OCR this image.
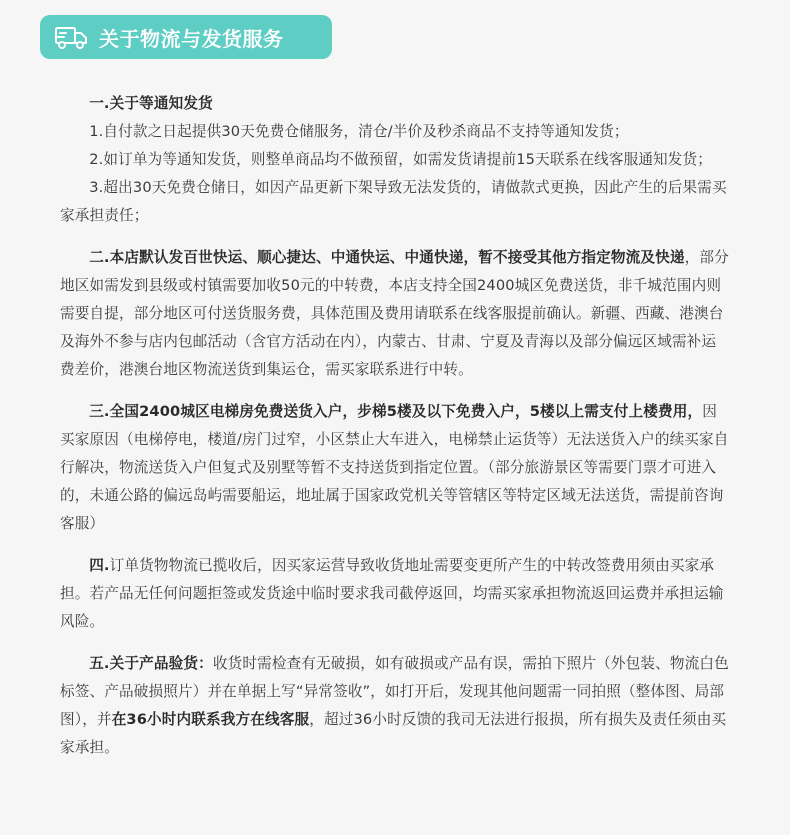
关于物流与发货服务

一.关于等通知发货

1.自付款之日起提供30天免费仓储服务，清仓/半价及秒杀商品不支持等通知发货；

2.如订单为等通知发货，则整单商品均不做预留，如需发货请提前15天联系在线客服通知发货；

3.超出30天免费仓储日，如因产品更新下架导致无法发货的，请做款式更换，因此产生的后果需买家承担责任；

二.本店默认发百世快运、顺心捷达、中通快运、中通快递，暂不接受其他方指定物流及快递，部分地区如需发到县级或村镇需要加收50元的中转费，本店支持全国2400城区免费送货，非千城范围内则需要自提，部分地区可付送货服务费，具体范围及费用请联系在线客服提前确认。新疆、西藏、港澳台及海外不参与店内包邮活动（含官方活动在内），内蒙古、甘肃、宁夏及青海以及部分偏远区域需补运费差价，港澳台地区物流送货到集运仓，需买家联系进行中转。

三.全国2400城区电梯房免费送货入户，步梯5楼及以下免费入户，5楼以上需支付上楼费用，因买家原因（电梯停电，楼道/房门过窄，小区禁止大车进入，电梯禁止运货等）无法送货入户的续买家自行解决，物流送货入户但复式及别墅等暂不支持送货到指定位置。（部分旅游景区等需要门票才可进入的，未通公路的偏远岛屿需要船运，地址属于国家政党机关等管辖区等特定区域无法送货，需提前咨询客服）

四.订单货物物流已揽收后，因买家运营导致收货地址需要变更所产生的中转改签费用须由买家承担。若产品无任何问题拒签或发货途中临时要求我司截停返回，均需买家承担物流返回运费并承担运输风险。

五.关于产品验货：收货时需检查有无破损，如有破损或产品有误，需拍下照片（外包装、物流白色标签、产品破损照片）并在单据上写“异常签收”，如打开后，发现其他问题需一同拍照（整体图、局部图），并在36小时内联系我方在线客服，超过36小时反馈的我司无法进行报损，所有损失及责任须由买家承担。
